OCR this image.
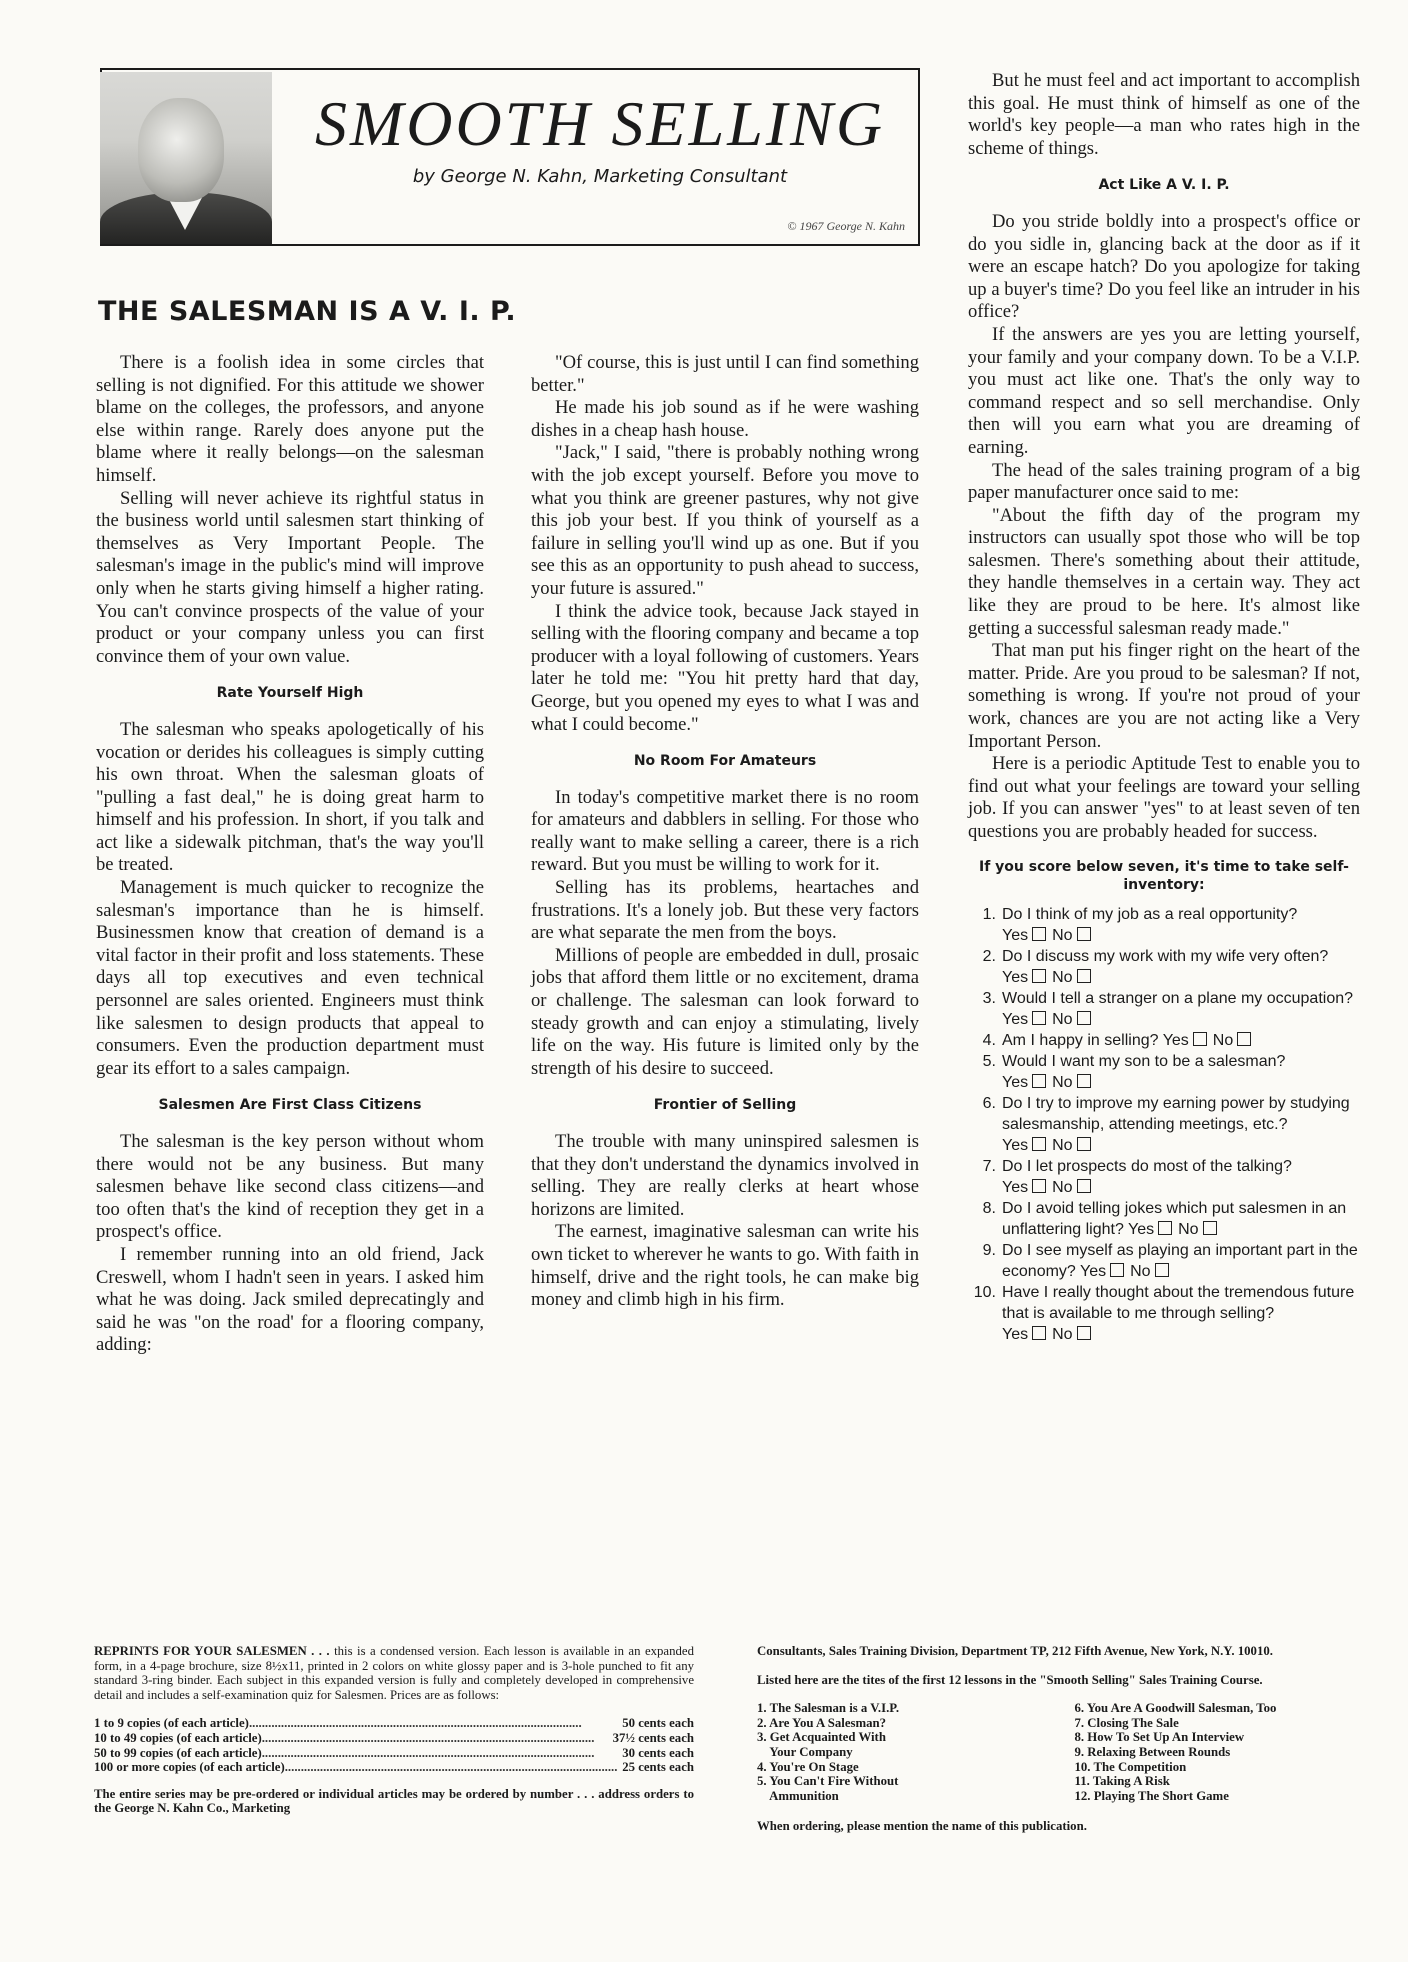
SMOOTH SELLING
by George N. Kahn, Marketing Consultant
© 1967 George N. Kahn
THE SALESMAN IS A V. I. P.

There is a foolish idea in some circles that selling is not dignified. For this attitude we shower blame on the colleges, the professors, and anyone else within range. Rarely does anyone put the blame where it really belongs—on the salesman himself.

Selling will never achieve its rightful status in the business world until salesmen start thinking of themselves as Very Important People. The salesman's image in the public's mind will improve only when he starts giving himself a higher rating. You can't convince prospects of the value of your product or your company unless you can first convince them of your own value.

Rate Yourself High

The salesman who speaks apologetically of his vocation or derides his colleagues is simply cutting his own throat. When the salesman gloats of "pulling a fast deal," he is doing great harm to himself and his profession. In short, if you talk and act like a sidewalk pitchman, that's the way you'll be treated.

Management is much quicker to recognize the salesman's importance than he is himself. Businessmen know that creation of demand is a vital factor in their profit and loss statements. These days all top executives and even technical personnel are sales oriented. Engineers must think like salesmen to design products that appeal to consumers. Even the production department must gear its effort to a sales campaign.

Salesmen Are First Class Citizens

The salesman is the key person without whom there would not be any business. But many salesmen behave like second class citizens—and too often that's the kind of reception they get in a prospect's office.

I remember running into an old friend, Jack Creswell, whom I hadn't seen in years. I asked him what he was doing. Jack smiled deprecatingly and said he was "on the road' for a flooring company, adding:

"Of course, this is just until I can find something better."

He made his job sound as if he were washing dishes in a cheap hash house.

"Jack," I said, "there is probably nothing wrong with the job except yourself. Before you move to what you think are greener pastures, why not give this job your best. If you think of yourself as a failure in selling you'll wind up as one. But if you see this as an opportunity to push ahead to success, your future is assured."

I think the advice took, because Jack stayed in selling with the flooring company and became a top producer with a loyal following of customers. Years later he told me: "You hit pretty hard that day, George, but you opened my eyes to what I was and what I could become."

No Room For Amateurs

In today's competitive market there is no room for amateurs and dabblers in selling. For those who really want to make selling a career, there is a rich reward. But you must be willing to work for it.

Selling has its problems, heartaches and frustrations. It's a lonely job. But these very factors are what separate the men from the boys.

Millions of people are embedded in dull, prosaic jobs that afford them little or no excitement, drama or challenge. The salesman can look forward to steady growth and can enjoy a stimulating, lively life on the way. His future is limited only by the strength of his desire to succeed.

Frontier of Selling

The trouble with many uninspired salesmen is that they don't understand the dynamics involved in selling. They are really clerks at heart whose horizons are limited.

The earnest, imaginative salesman can write his own ticket to wherever he wants to go. With faith in himself, drive and the right tools, he can make big money and climb high in his firm.

But he must feel and act important to accomplish this goal. He must think of himself as one of the world's key people—a man who rates high in the scheme of things.

Act Like A V. I. P.

Do you stride boldly into a prospect's office or do you sidle in, glancing back at the door as if it were an escape hatch? Do you apologize for taking up a buyer's time? Do you feel like an intruder in his office?

If the answers are yes you are letting yourself, your family and your company down. To be a V.I.P. you must act like one. That's the only way to command respect and so sell merchandise. Only then will you earn what you are dreaming of earning.

The head of the sales training program of a big paper manufacturer once said to me:

"About the fifth day of the program my instructors can usually spot those who will be top salesmen. There's something about their attitude, they handle themselves in a certain way. They act like they are proud to be here. It's almost like getting a successful salesman ready made."

That man put his finger right on the heart of the matter. Pride. Are you proud to be salesman? If not, something is wrong. If you're not proud of your work, chances are you are not acting like a Very Important Person.

Here is a periodic Aptitude Test to enable you to find out what your feelings are toward your selling job. If you can answer "yes" to at least seven of ten questions you are probably headed for success.

If you score below seven, it's time to take self-inventory:
1. Do I think of my job as a real opportunity? Yes No
2. Do I discuss my work with my wife very often? Yes No
3. Would I tell a stranger on a plane my occupation? Yes No
4. Am I happy in selling? Yes No
5. Would I want my son to be a salesman? Yes No
6. Do I try to improve my earning power by studying salesmanship, attending meetings, etc.? Yes No
7. Do I let prospects do most of the talking? Yes No
8. Do I avoid telling jokes which put salesmen in an unflattering light? Yes No
9. Do I see myself as playing an important part in the economy? Yes No
10. Have I really thought about the tremendous future that is available to me through selling? Yes No
REPRINTS FOR YOUR SALESMEN . . . this is a condensed version. Each lesson is available in an expanded form, in a 4-page brochure, size 8½x11, printed in 2 colors on white glossy paper and is 3-hole punched to fit any standard 3-ring binder. Each subject in this expanded version is fully and completely developed in comprehensive detail and includes a self-examination quiz for Salesmen. Prices are as follows:
1 to 9 copies (of each article) .....	50 cents each
10 to 49 copies (of each article) .....	37½ cents each
50 to 99 copies (of each article) .....	30 cents each
100 or more copies (of each article) .....	25 cents each
The entire series may be pre-ordered or individual articles may be ordered by number . . . address orders to the George N. Kahn Co., Marketing
Consultants, Sales Training Division, Department TP, 212 Fifth Avenue, New York, N.Y. 10010.
Listed here are the tites of the first 12 lessons in the "Smooth Selling" Sales Training Course.
1. The Salesman is a V.I.P.	6. You Are A Goodwill Salesman, Too
2. Are You A Salesman?	7. Closing The Sale
3. Get Acquainted With	8. How To Set Up An Interview
Your Company	9. Relaxing Between Rounds
4. You're On Stage	10. The Competition
5. You Can't Fire Without	11. Taking A Risk
Ammunition	12. Playing The Short Game
When ordering, please mention the name of this publication.
